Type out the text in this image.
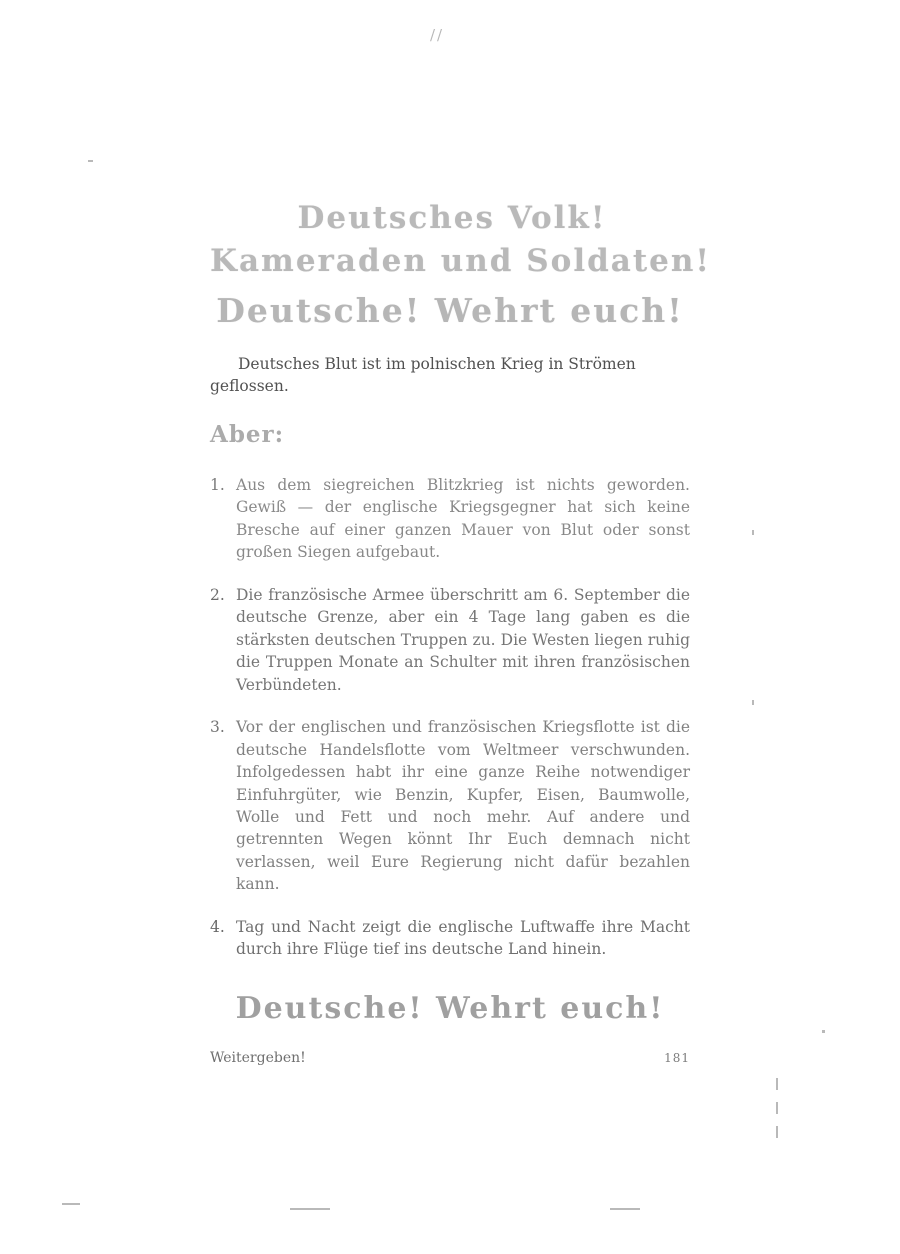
//
Deutsches Volk!
Kameraden und Soldaten!
Deutsche! Wehrt euch!

Deutsches Blut ist im polnischen Krieg in Strömen geflossen.

Aber:
1. Aus dem siegreichen Blitzkrieg ist nichts geworden. Gewiß — der englische Kriegsgegner hat sich keine Bresche auf einer ganzen Mauer von Blut oder sonst großen Siegen aufgebaut.
2. Die französische Armee überschritt am 6. September die deutsche Grenze, aber ein 4 Tage lang gaben es die stärksten deutschen Truppen zu. Die Westen liegen ruhig die Truppen Monate an Schulter mit ihren französischen Verbündeten.
3. Vor der englischen und französischen Kriegsflotte ist die deutsche Handelsflotte vom Weltmeer verschwunden. Infolgedessen habt ihr eine ganze Reihe notwendiger Einfuhrgüter, wie Benzin, Kupfer, Eisen, Baumwolle, Wolle und Fett und noch mehr. Auf andere und getrennten Wegen könnt Ihr Euch demnach nicht verlassen, weil Eure Regierung nicht dafür bezahlen kann.
4. Tag und Nacht zeigt die englische Luftwaffe ihre Macht durch ihre Flüge tief ins deutsche Land hinein.
Deutsche! Wehrt euch!
Weitergeben!	181
